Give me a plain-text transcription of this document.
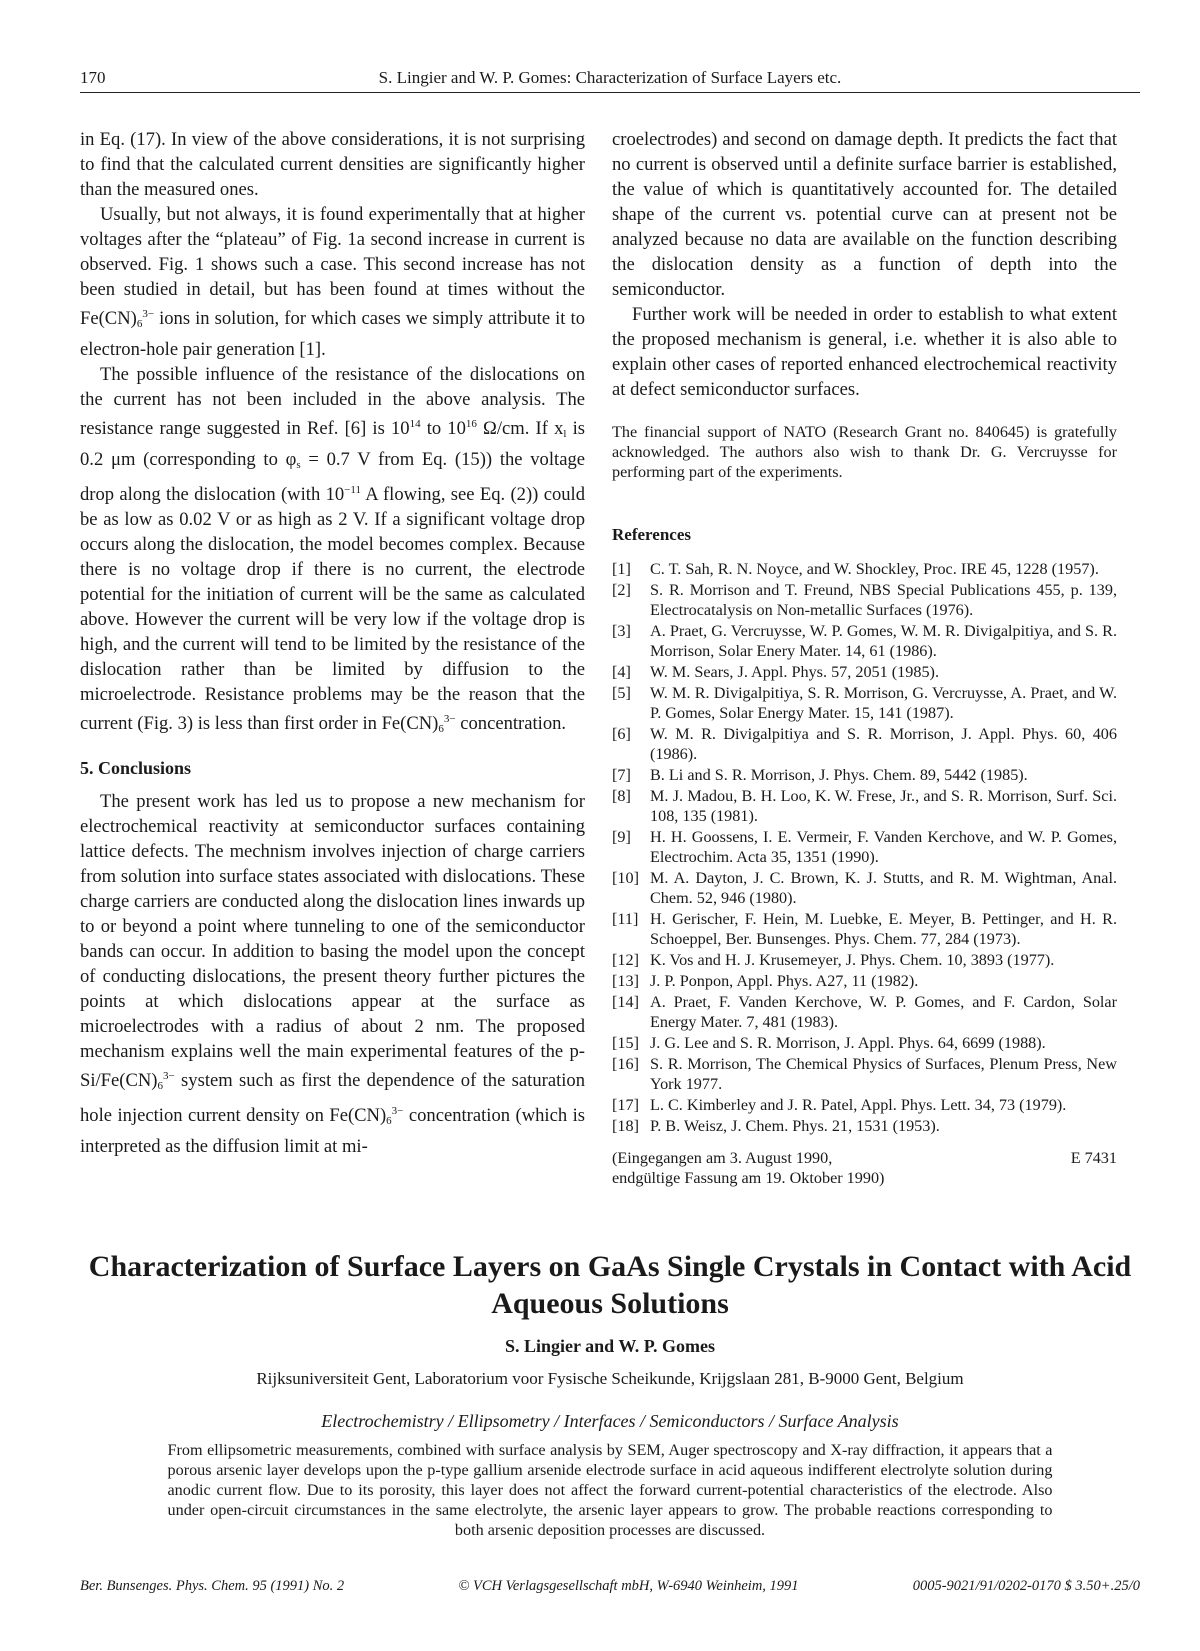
170	S. Lingier and W. P. Gomes: Characterization of Surface Layers etc.

in Eq. (17). In view of the above considerations, it is not surprising to find that the calculated current densities are significantly higher than the measured ones.

Usually, but not always, it is found experimentally that at higher voltages after the “plateau” of Fig. 1a second increase in current is observed. Fig. 1 shows such a case. This second increase has not been studied in detail, but has been found at times without the $Fe(CN)_6^{3-}$ ions in solution, for which cases we simply attribute it to electron-hole pair generation [1].

The possible influence of the resistance of the dislocations on the current has not been included in the above analysis. The resistance range suggested in Ref. [6] is $10^{14}$ to $10^{16}$ Ω/cm. If $x_l$ is 0.2 μm (corresponding to $\varphi_s = 0.7$ V from Eq. (15)) the voltage drop along the dislocation (with $10^{-11}$ A flowing, see Eq. (2)) could be as low as 0.02 V or as high as 2 V. If a significant voltage drop occurs along the dislocation, the model becomes complex. Because there is no voltage drop if there is no current, the electrode potential for the initiation of current will be the same as calculated above. However the current will be very low if the voltage drop is high, and the current will tend to be limited by the resistance of the dislocation rather than be limited by diffusion to the microelectrode. Resistance problems may be the reason that the current (Fig. 3) is less than first order in $Fe(CN)_6^{3-}$ concentration.

5. Conclusions

The present work has led us to propose a new mechanism for electrochemical reactivity at semiconductor surfaces containing lattice defects. The mechnism involves injection of charge carriers from solution into surface states associated with dislocations. These charge carriers are conducted along the dislocation lines inwards up to or beyond a point where tunneling to one of the semiconductor bands can occur. In addition to basing the model upon the concept of conducting dislocations, the present theory further pictures the points at which dislocations appear at the surface as microelectrodes with a radius of about 2 nm. The proposed mechanism explains well the main experimental features of the $p-Si/Fe(CN)_6^{3-}$ system such as first the dependence of the saturation hole injection current density on $Fe(CN)_6^{3-}$ concentration (which is interpreted as the diffusion limit at mi-

croelectrodes) and second on damage depth. It predicts the fact that no current is observed until a definite surface barrier is established, the value of which is quantitatively accounted for. The detailed shape of the current vs. potential curve can at present not be analyzed because no data are available on the function describing the dislocation density as a function of depth into the semiconductor.

Further work will be needed in order to establish to what extent the proposed mechanism is general, i.e. whether it is also able to explain other cases of reported enhanced electrochemical reactivity at defect semiconductor surfaces.

The financial support of NATO (Research Grant no. 840645) is gratefully acknowledged. The authors also wish to thank Dr. G. Vercruysse for performing part of the experiments.

References
[1]	C. T. Sah, R. N. Noyce, and W. Shockley, Proc. IRE 45, 1228 (1957).
[2]	S. R. Morrison and T. Freund, NBS Special Publications 455, p. 139, Electrocatalysis on Non-metallic Surfaces (1976).
[3]	A. Praet, G. Vercruysse, W. P. Gomes, W. M. R. Divigalpitiya, and S. R. Morrison, Solar Enery Mater. 14, 61 (1986).
[4]	W. M. Sears, J. Appl. Phys. 57, 2051 (1985).
[5]	W. M. R. Divigalpitiya, S. R. Morrison, G. Vercruysse, A. Praet, and W. P. Gomes, Solar Energy Mater. 15, 141 (1987).
[6]	W. M. R. Divigalpitiya and S. R. Morrison, J. Appl. Phys. 60, 406 (1986).
[7]	B. Li and S. R. Morrison, J. Phys. Chem. 89, 5442 (1985).
[8]	M. J. Madou, B. H. Loo, K. W. Frese, Jr., and S. R. Morrison, Surf. Sci. 108, 135 (1981).
[9]	H. H. Goossens, I. E. Vermeir, F. Vanden Kerchove, and W. P. Gomes, Electrochim. Acta 35, 1351 (1990).
[10] M. A. Dayton, J. C. Brown, K. J. Stutts, and R. M. Wightman, Anal. Chem. 52, 946 (1980).
[11] H. Gerischer, F. Hein, M. Luebke, E. Meyer, B. Pettinger, and H. R. Schoeppel, Ber. Bunsenges. Phys. Chem. 77, 284 (1973).
[12] K. Vos and H. J. Krusemeyer, J. Phys. Chem. 10, 3893 (1977).
[13] J. P. Ponpon, Appl. Phys. A27, 11 (1982).
[14] A. Praet, F. Vanden Kerchove, W. P. Gomes, and F. Cardon, Solar Energy Mater. 7, 481 (1983).
[15] J. G. Lee and S. R. Morrison, J. Appl. Phys. 64, 6699 (1988).
[16] S. R. Morrison, The Chemical Physics of Surfaces, Plenum Press, New York 1977.
[17] L. C. Kimberley and J. R. Patel, Appl. Phys. Lett. 34, 73 (1979).
[18] P. B. Weisz, J. Chem. Phys. 21, 1531 (1953).
(Eingegangen am 3. August 1990,
endgültige Fassung am 19. Oktober 1990)
E 7431
Characterization of Surface Layers on GaAs Single Crystals in Contact with Acid Aqueous Solutions
S. Lingier and W. P. Gomes
Rijksuniversiteit Gent, Laboratorium voor Fysische Scheikunde, Krijgslaan 281, B-9000 Gent, Belgium
Electrochemistry / Ellipsometry / Interfaces / Semiconductors / Surface Analysis
From ellipsometric measurements, combined with surface analysis by SEM, Auger spectroscopy and X-ray diffraction, it appears that a porous arsenic layer develops upon the p-type gallium arsenide electrode surface in acid aqueous indifferent electrolyte solution during anodic current flow. Due to its porosity, this layer does not affect the forward current-potential characteristics of the electrode. Also under open-circuit circumstances in the same electrolyte, the arsenic layer appears to grow. The probable reactions corresponding to both arsenic deposition processes are discussed.
Ber. Bunsenges. Phys. Chem. 95 (1991) No. 2	© VCH Verlagsgesellschaft mbH, W-6940 Weinheim, 1991	0005-9021/91/0202-0170 $ 3.50+.25/0
